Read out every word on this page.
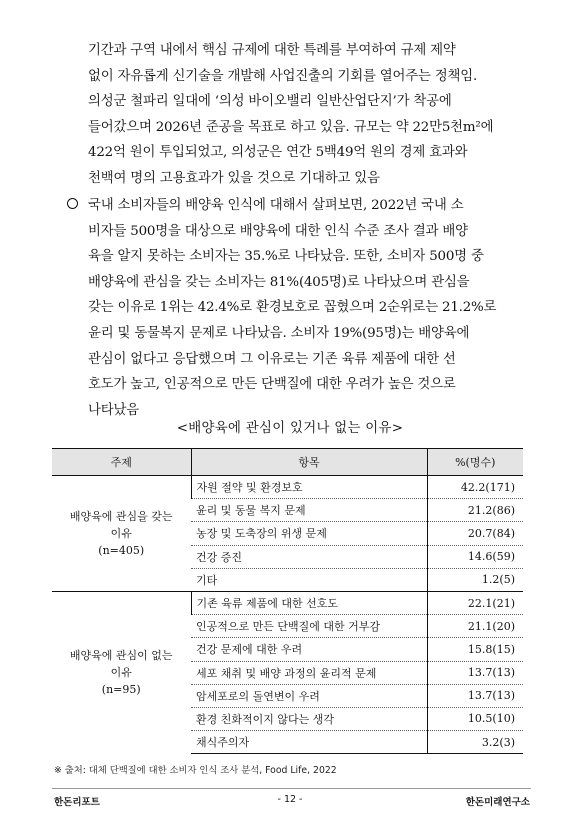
기간과 구역 내에서 핵심 규제에 대한 특례를 부여하여 규제 제약
없이 자유롭게 신기술을 개발해 사업진출의 기회를 열어주는 정책임.
의성군 철파리 일대에 ‘의성 바이오밸리 일반산업단지’가 착공에
들어갔으며 2026년 준공을 목표로 하고 있음. 규모는 약 22만5천m²에
422억 원이 투입되었고, 의성군은 연간 5백49억 원의 경제 효과와
천백여 명의 고용효과가 있을 것으로 기대하고 있음
국내 소비자들의 배양육 인식에 대해서 살펴보면, 2022년 국내 소
비자들 500명을 대상으로 배양육에 대한 인식 수준 조사 결과 배양
육을 알지 못하는 소비자는 35.%로 나타났음. 또한, 소비자 500명 중
배양육에 관심을 갖는 소비자는 81%(405명)로 나타났으며 관심을
갖는 이유로 1위는 42.4%로 환경보호로 꼽혔으며 2순위로는 21.2%로
윤리 및 동물복지 문제로 나타났음. 소비자 19%(95명)는 배양육에
관심이 없다고 응답했으며 그 이유로는 기존 육류 제품에 대한 선
호도가 높고, 인공적으로 만든 단백질에 대한 우려가 높은 것으로
나타났음
<배양육에 관심이 있거나 없는 이유>
주제	항목	%(명수)

배양육에 관심을 갖는
이유
(n=405)	자원 절약 및 환경보호	42.2(171)
	윤리 및 동물 복지 문제	21.2(86)
	농장 및 도축장의 위생 문제	20.7(84)
	건강 증진	14.6(59)
	기타	1.2(5)

배양육에 관심이 없는
이유
(n=95)	기존 육류 제품에 대한 선호도	22.1(21)
	인공적으로 만든 단백질에 대한 거부감	21.1(20)
	건강 문제에 대한 우려	15.8(15)
	세포 채취 및 배양 과정의 윤리적 문제	13.7(13)
	암세포로의 돌연변이 우려	13.7(13)
	환경 친화적이지 않다는 생각	10.5(10)
	채식주의자	3.2(3)
※ 출처: 대체 단백질에 대한 소비자 인식 조사 분석, Food Life, 2022
한돈리포트	- 12 -	한돈미래연구소
